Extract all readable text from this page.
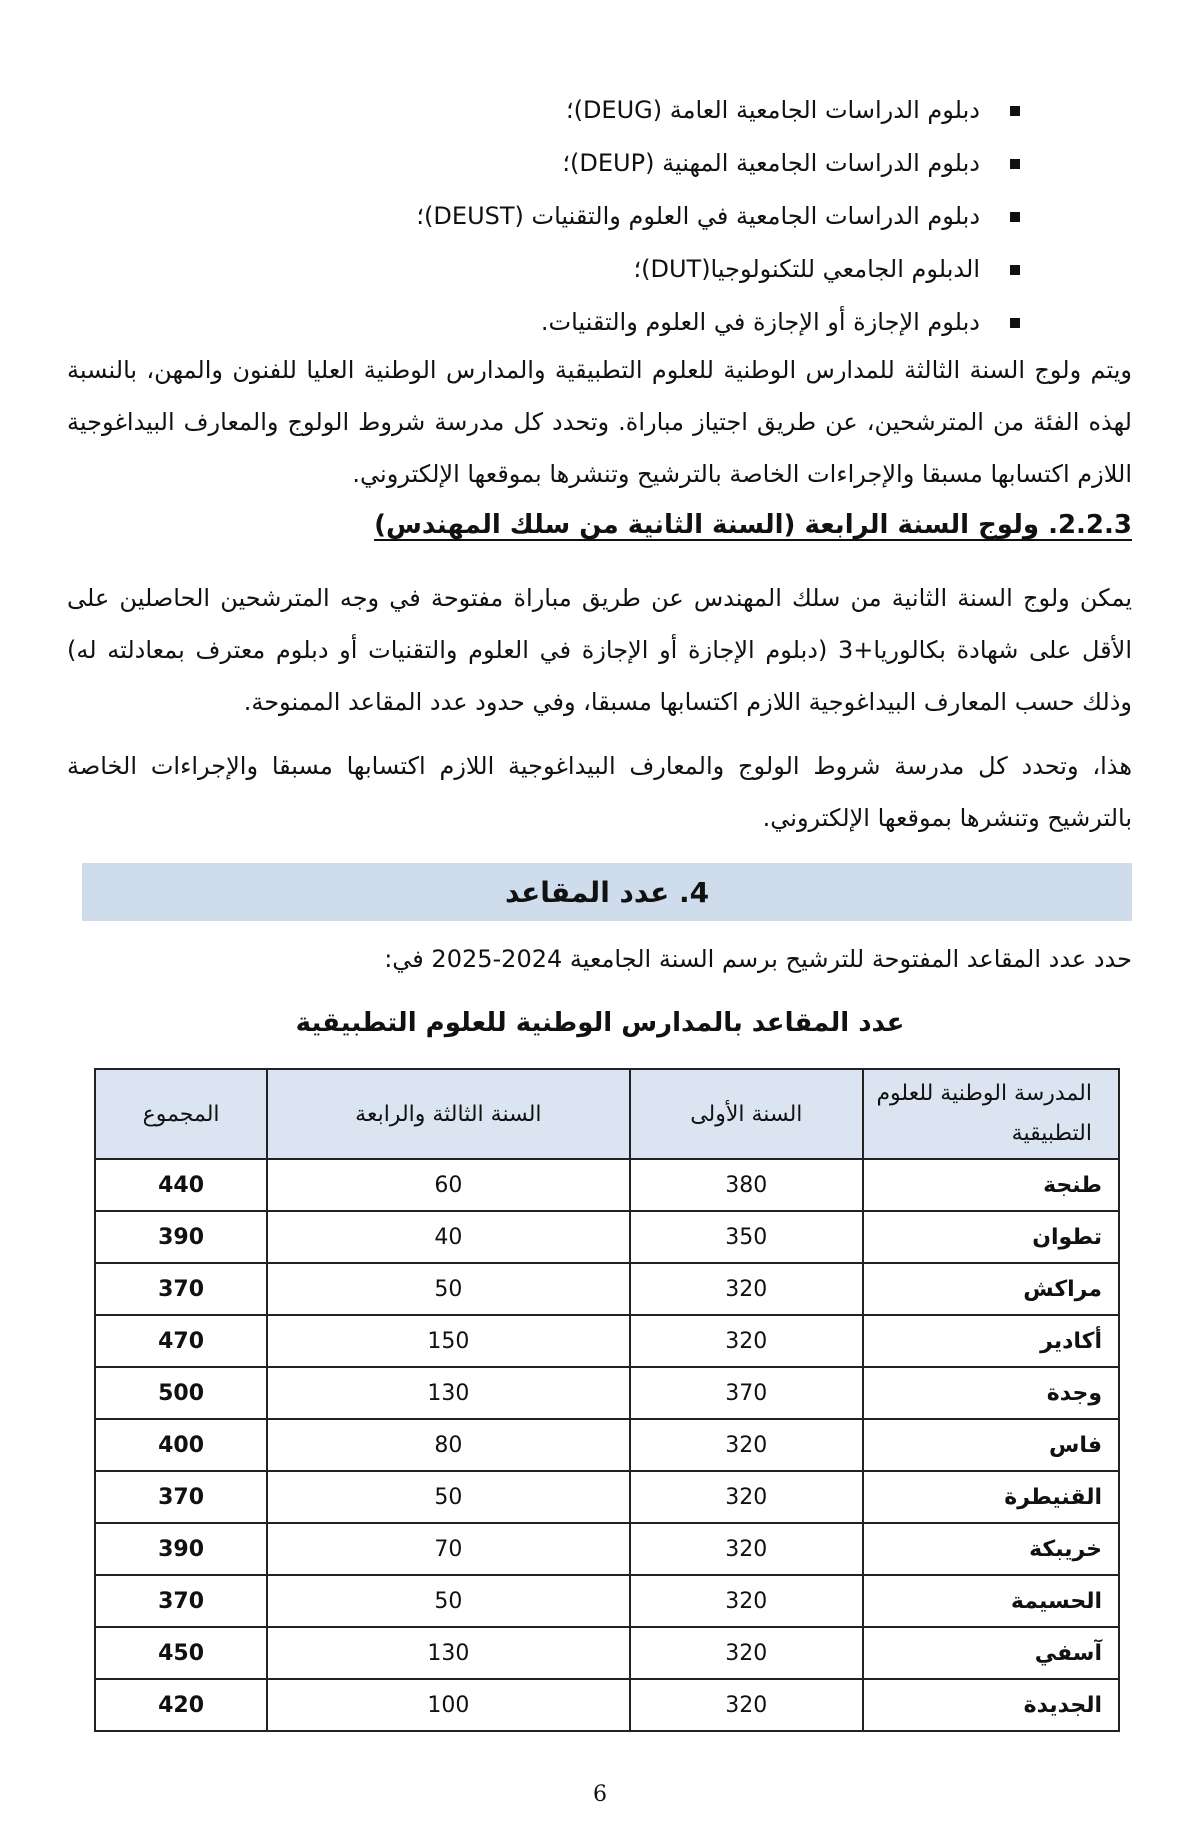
دبلوم الدراسات الجامعية العامة (DEUG)؛
دبلوم الدراسات الجامعية المهنية (DEUP)؛
دبلوم الدراسات الجامعية في العلوم والتقنيات (DEUST)؛
الدبلوم الجامعي للتكنولوجيا(DUT)؛
دبلوم الإجازة أو الإجازة في العلوم والتقنيات.

ويتم ولوج السنة الثالثة للمدارس الوطنية للعلوم التطبيقية والمدارس الوطنية العليا للفنون والمهن، بالنسبة لهذه الفئة من المترشحين، عن طريق اجتياز مباراة. وتحدد كل مدرسة شروط الولوج والمعارف البيداغوجية اللازم اكتسابها مسبقا والإجراءات الخاصة بالترشيح وتنشرها بموقعها الإلكتروني.

2.2.3. ولوج السنة الرابعة (السنة الثانية من سلك المهندس)

يمكن ولوج السنة الثانية من سلك المهندس عن طريق مباراة مفتوحة في وجه المترشحين الحاصلين على الأقل على شهادة بكالوريا+3 (دبلوم الإجازة أو الإجازة في العلوم والتقنيات أو دبلوم معترف بمعادلته له) وذلك حسب المعارف البيداغوجية اللازم اكتسابها مسبقا، وفي حدود عدد المقاعد الممنوحة.

هذا، وتحدد كل مدرسة شروط الولوج والمعارف البيداغوجية اللازم اكتسابها مسبقا والإجراءات الخاصة بالترشيح وتنشرها بموقعها الإلكتروني.

4. عدد المقاعد

حدد عدد المقاعد المفتوحة للترشيح برسم السنة الجامعية 2024-2025 في:

عدد المقاعد بالمدارس الوطنية للعلوم التطبيقية

المدرسة الوطنية للعلوم التطبيقية	السنة الأولى	السنة الثالثة والرابعة	المجموع
طنجة	380	60	440
تطوان	350	40	390
مراكش	320	50	370
أكادير	320	150	470
وجدة	370	130	500
فاس	320	80	400
القنيطرة	320	50	370
خريبكة	320	70	390
الحسيمة	320	50	370
آسفي	320	130	450
الجديدة	320	100	420
6
